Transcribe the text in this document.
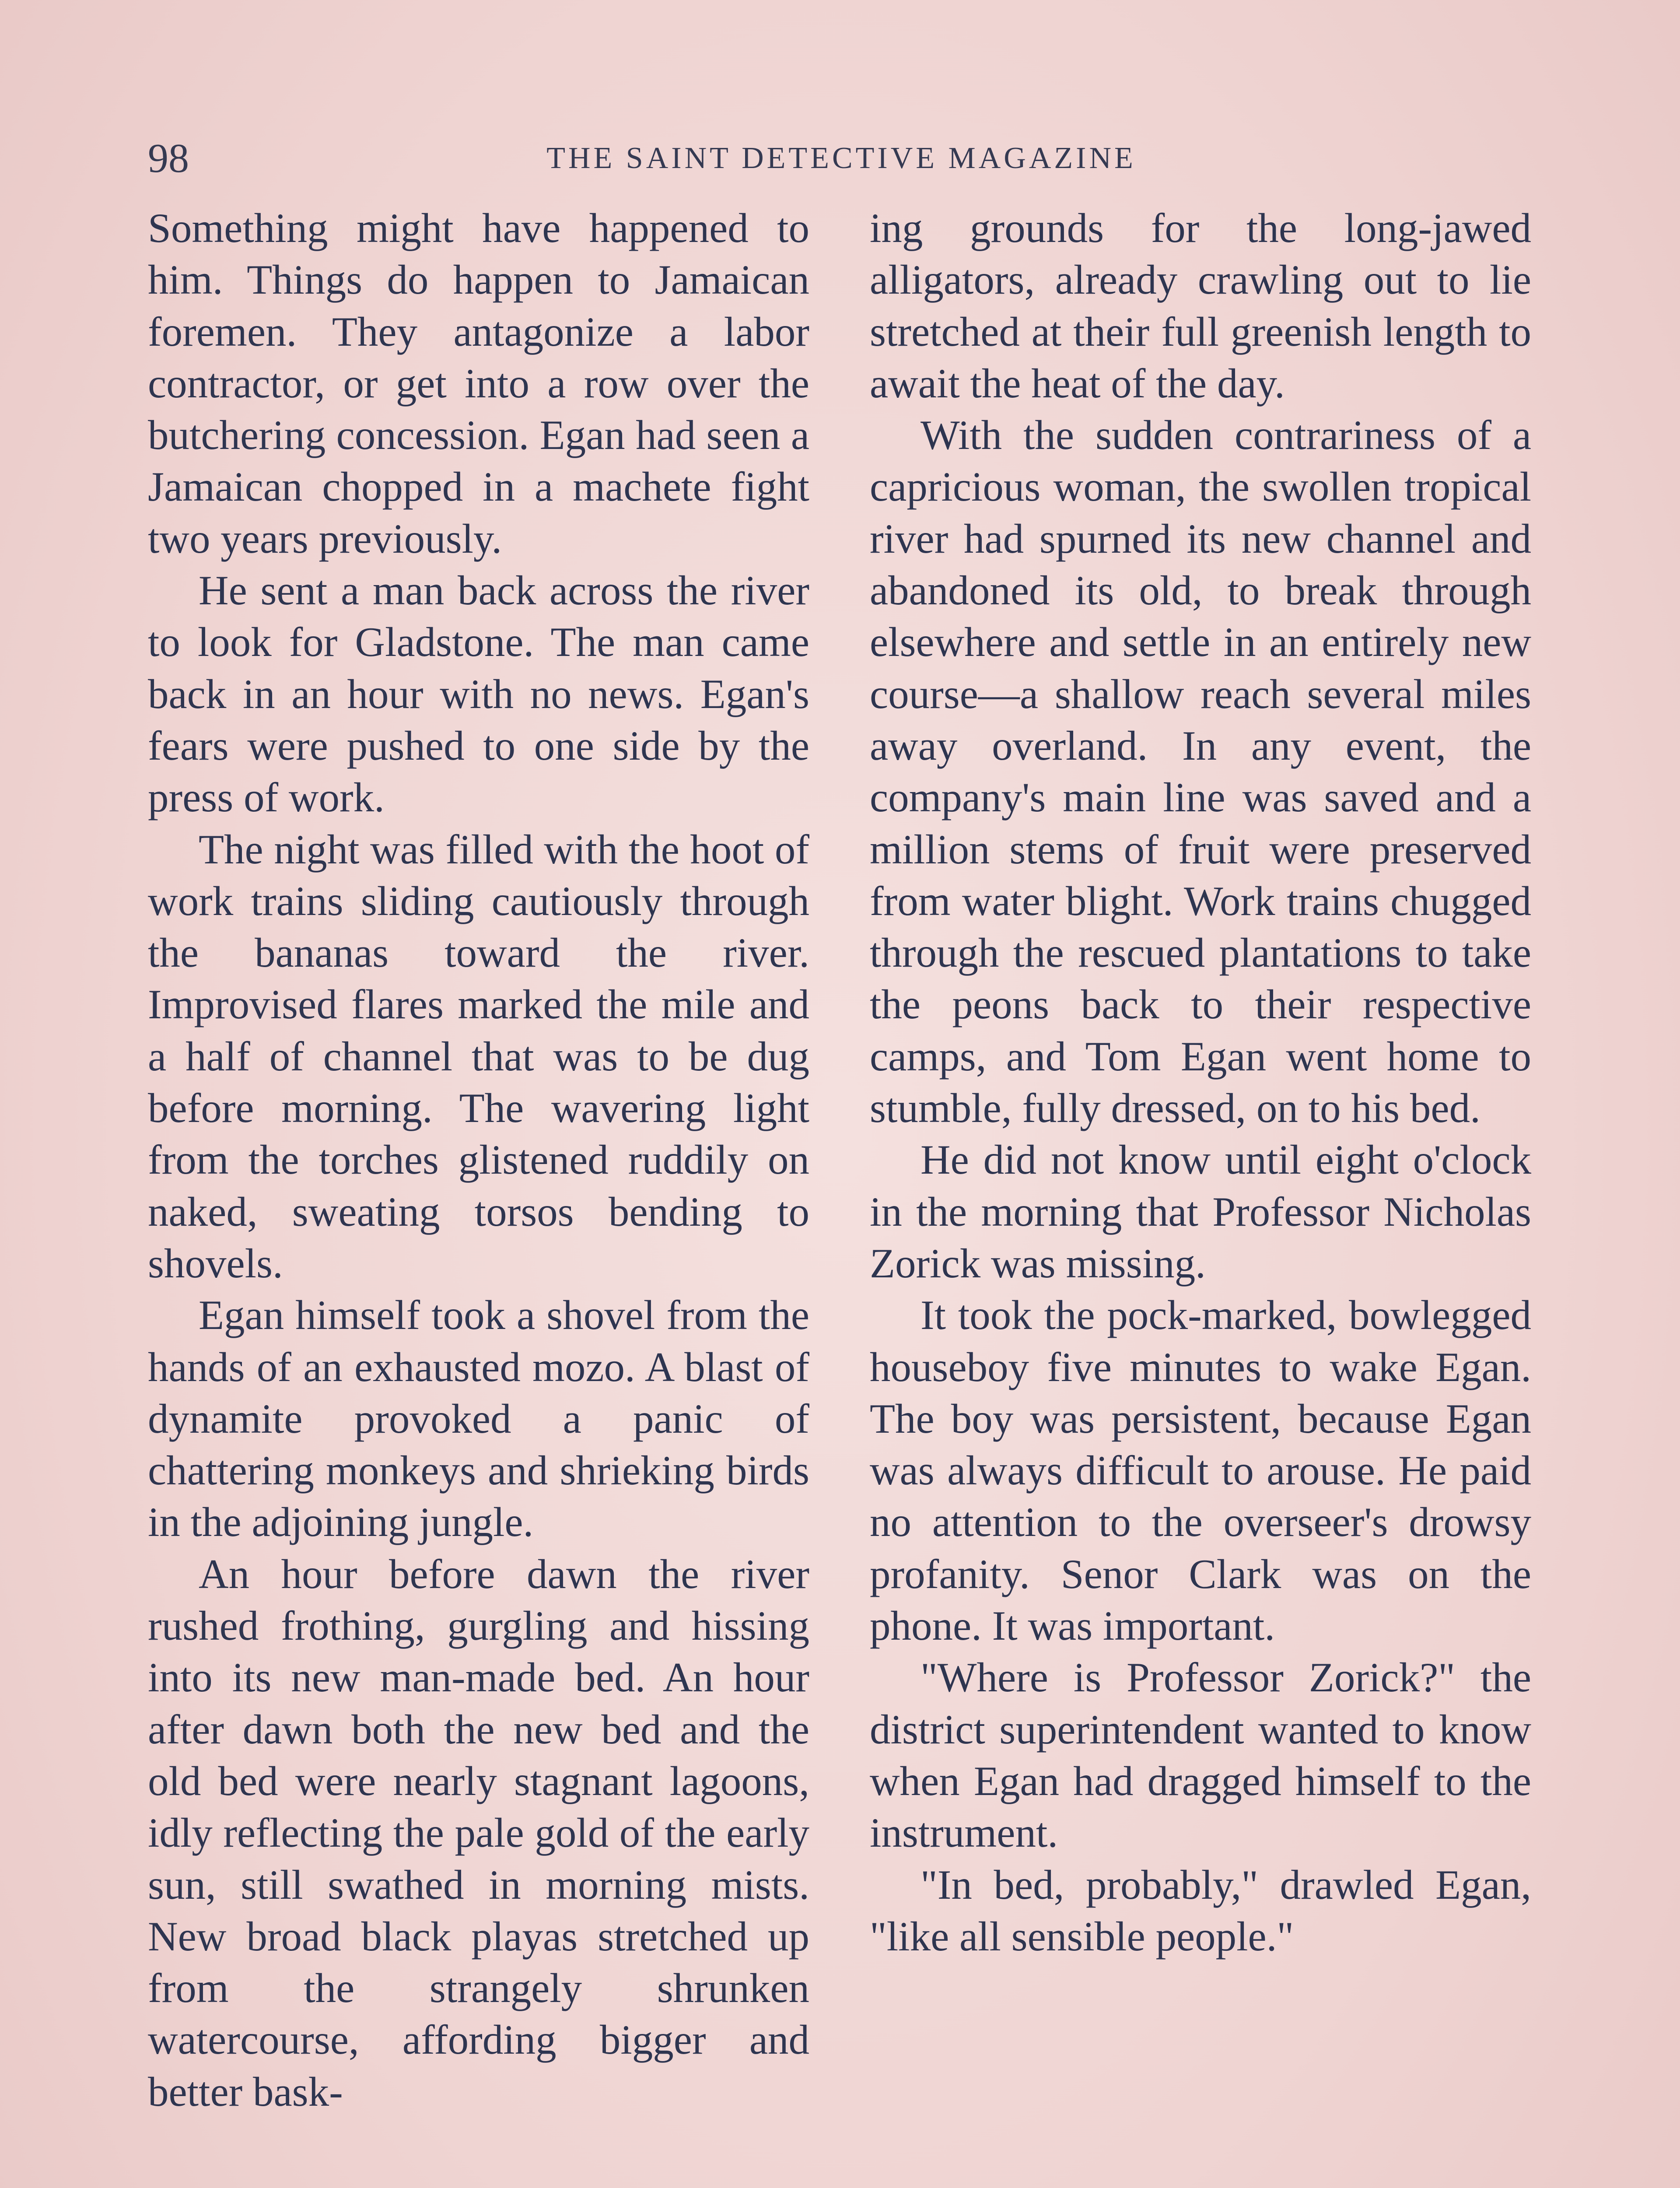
98	THE SAINT DETECTIVE MAGAZINE

Something might have happened to him. Things do happen to Jamaican foremen. They antagonize a labor contractor, or get into a row over the butchering concession. Egan had seen a Jamaican chopped in a machete fight two years previously.

He sent a man back across the river to look for Gladstone. The man came back in an hour with no news. Egan's fears were pushed to one side by the press of work.

The night was filled with the hoot of work trains sliding cautiously through the bananas toward the river. Improvised flares marked the mile and a half of channel that was to be dug before morning. The wavering light from the torches glistened ruddily on naked, sweating torsos bending to shovels.

Egan himself took a shovel from the hands of an exhausted mozo. A blast of dynamite provoked a panic of chattering monkeys and shrieking birds in the adjoining jungle.

An hour before dawn the river rushed frothing, gurgling and hissing into its new man-made bed. An hour after dawn both the new bed and the old bed were nearly stagnant lagoons, idly reflecting the pale gold of the early sun, still swathed in morning mists. New broad black playas stretched up from the strangely shrunken watercourse, affording bigger and better bask-

ing grounds for the long-jawed alligators, already crawling out to lie stretched at their full greenish length to await the heat of the day.

With the sudden contrariness of a capricious woman, the swollen tropical river had spurned its new channel and abandoned its old, to break through elsewhere and settle in an entirely new course—a shallow reach several miles away overland. In any event, the company's main line was saved and a million stems of fruit were preserved from water blight. Work trains chugged through the rescued plantations to take the peons back to their respective camps, and Tom Egan went home to stumble, fully dressed, on to his bed.

He did not know until eight o'clock in the morning that Professor Nicholas Zorick was missing.

It took the pock-marked, bowlegged houseboy five minutes to wake Egan. The boy was persistent, because Egan was always difficult to arouse. He paid no attention to the overseer's drowsy profanity. Senor Clark was on the phone. It was important.

"Where is Professor Zorick?" the district superintendent wanted to know when Egan had dragged himself to the instrument.

"In bed, probably," drawled Egan, "like all sensible people."
